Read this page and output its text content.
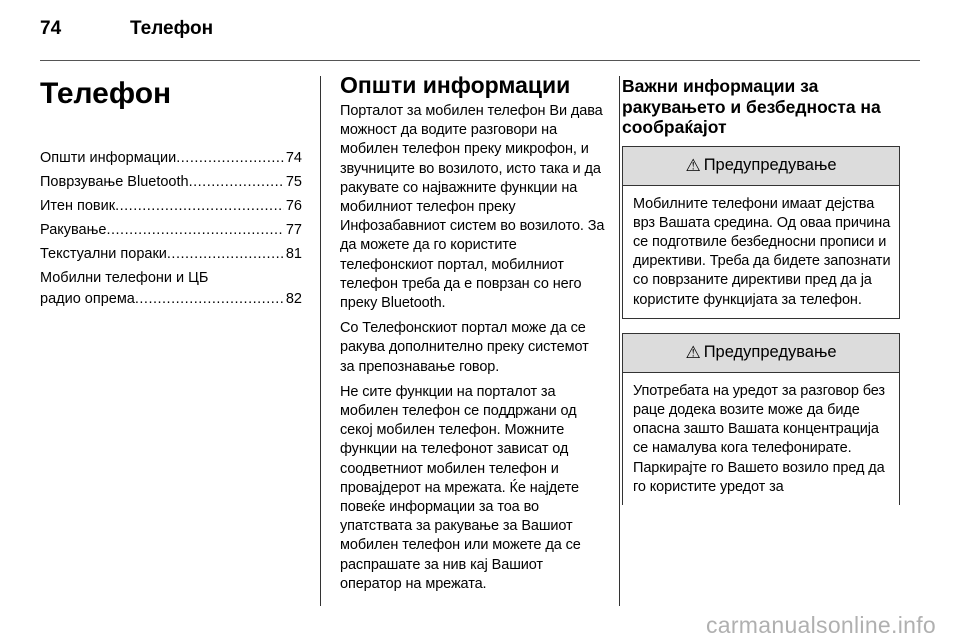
74	Телефон
Телефон
Општи информации .....	74
Поврзување Bluetooth .....	75
Итен повик .....	76
Ракување .....	77
Текстуални пораки .....	81
Мобилни телефони и ЦБ
радио опрема .....	82
Општи информации

Порталот за мобилен телефон Ви дава можност да водите разговори на мобилен телефон преку микрофон, и звучниците во возилото, исто така и да ракувате со најважните функции на мобилниот телефон преку Инфозабавниот систем во возилото. За да можете да го користите телефонскиот портал, мобилниот телефон треба да е поврзан со него преку Bluetooth.

Со Телефонскиот портал може да се ракува дополнително преку системот за препознавање говор.

Не сите функции на порталот за мобилен телефон се поддржани од секој мобилен телефон. Можните функции на телефонот зависат од соодветниот мобилен телефон и провајдерот на мрежата. Ќе најдете повеќе информации за тоа во упатствата за ракување за Вашиот мобилен телефон или можете да се распрашате за нив кај Вашиот оператор на мрежата.

Важни информации за ракувањето и безбедноста на сообраќајот
⚠ Предупредување
Мобилните телефони имаат дејства врз Вашата средина. Од оваа причина се подготвиле безбедносни прописи и директиви. Треба да бидете запознати со поврзаните директиви пред да ја користите функцијата за телефон.
⚠ Предупредување
Употребата на уредот за разговор без раце додека возите може да биде опасна зашто Вашата концентрација се намалува кога телефонирате. Паркирајте го Вашето возило пред да го користите уредот за
carmanualsonline.info
